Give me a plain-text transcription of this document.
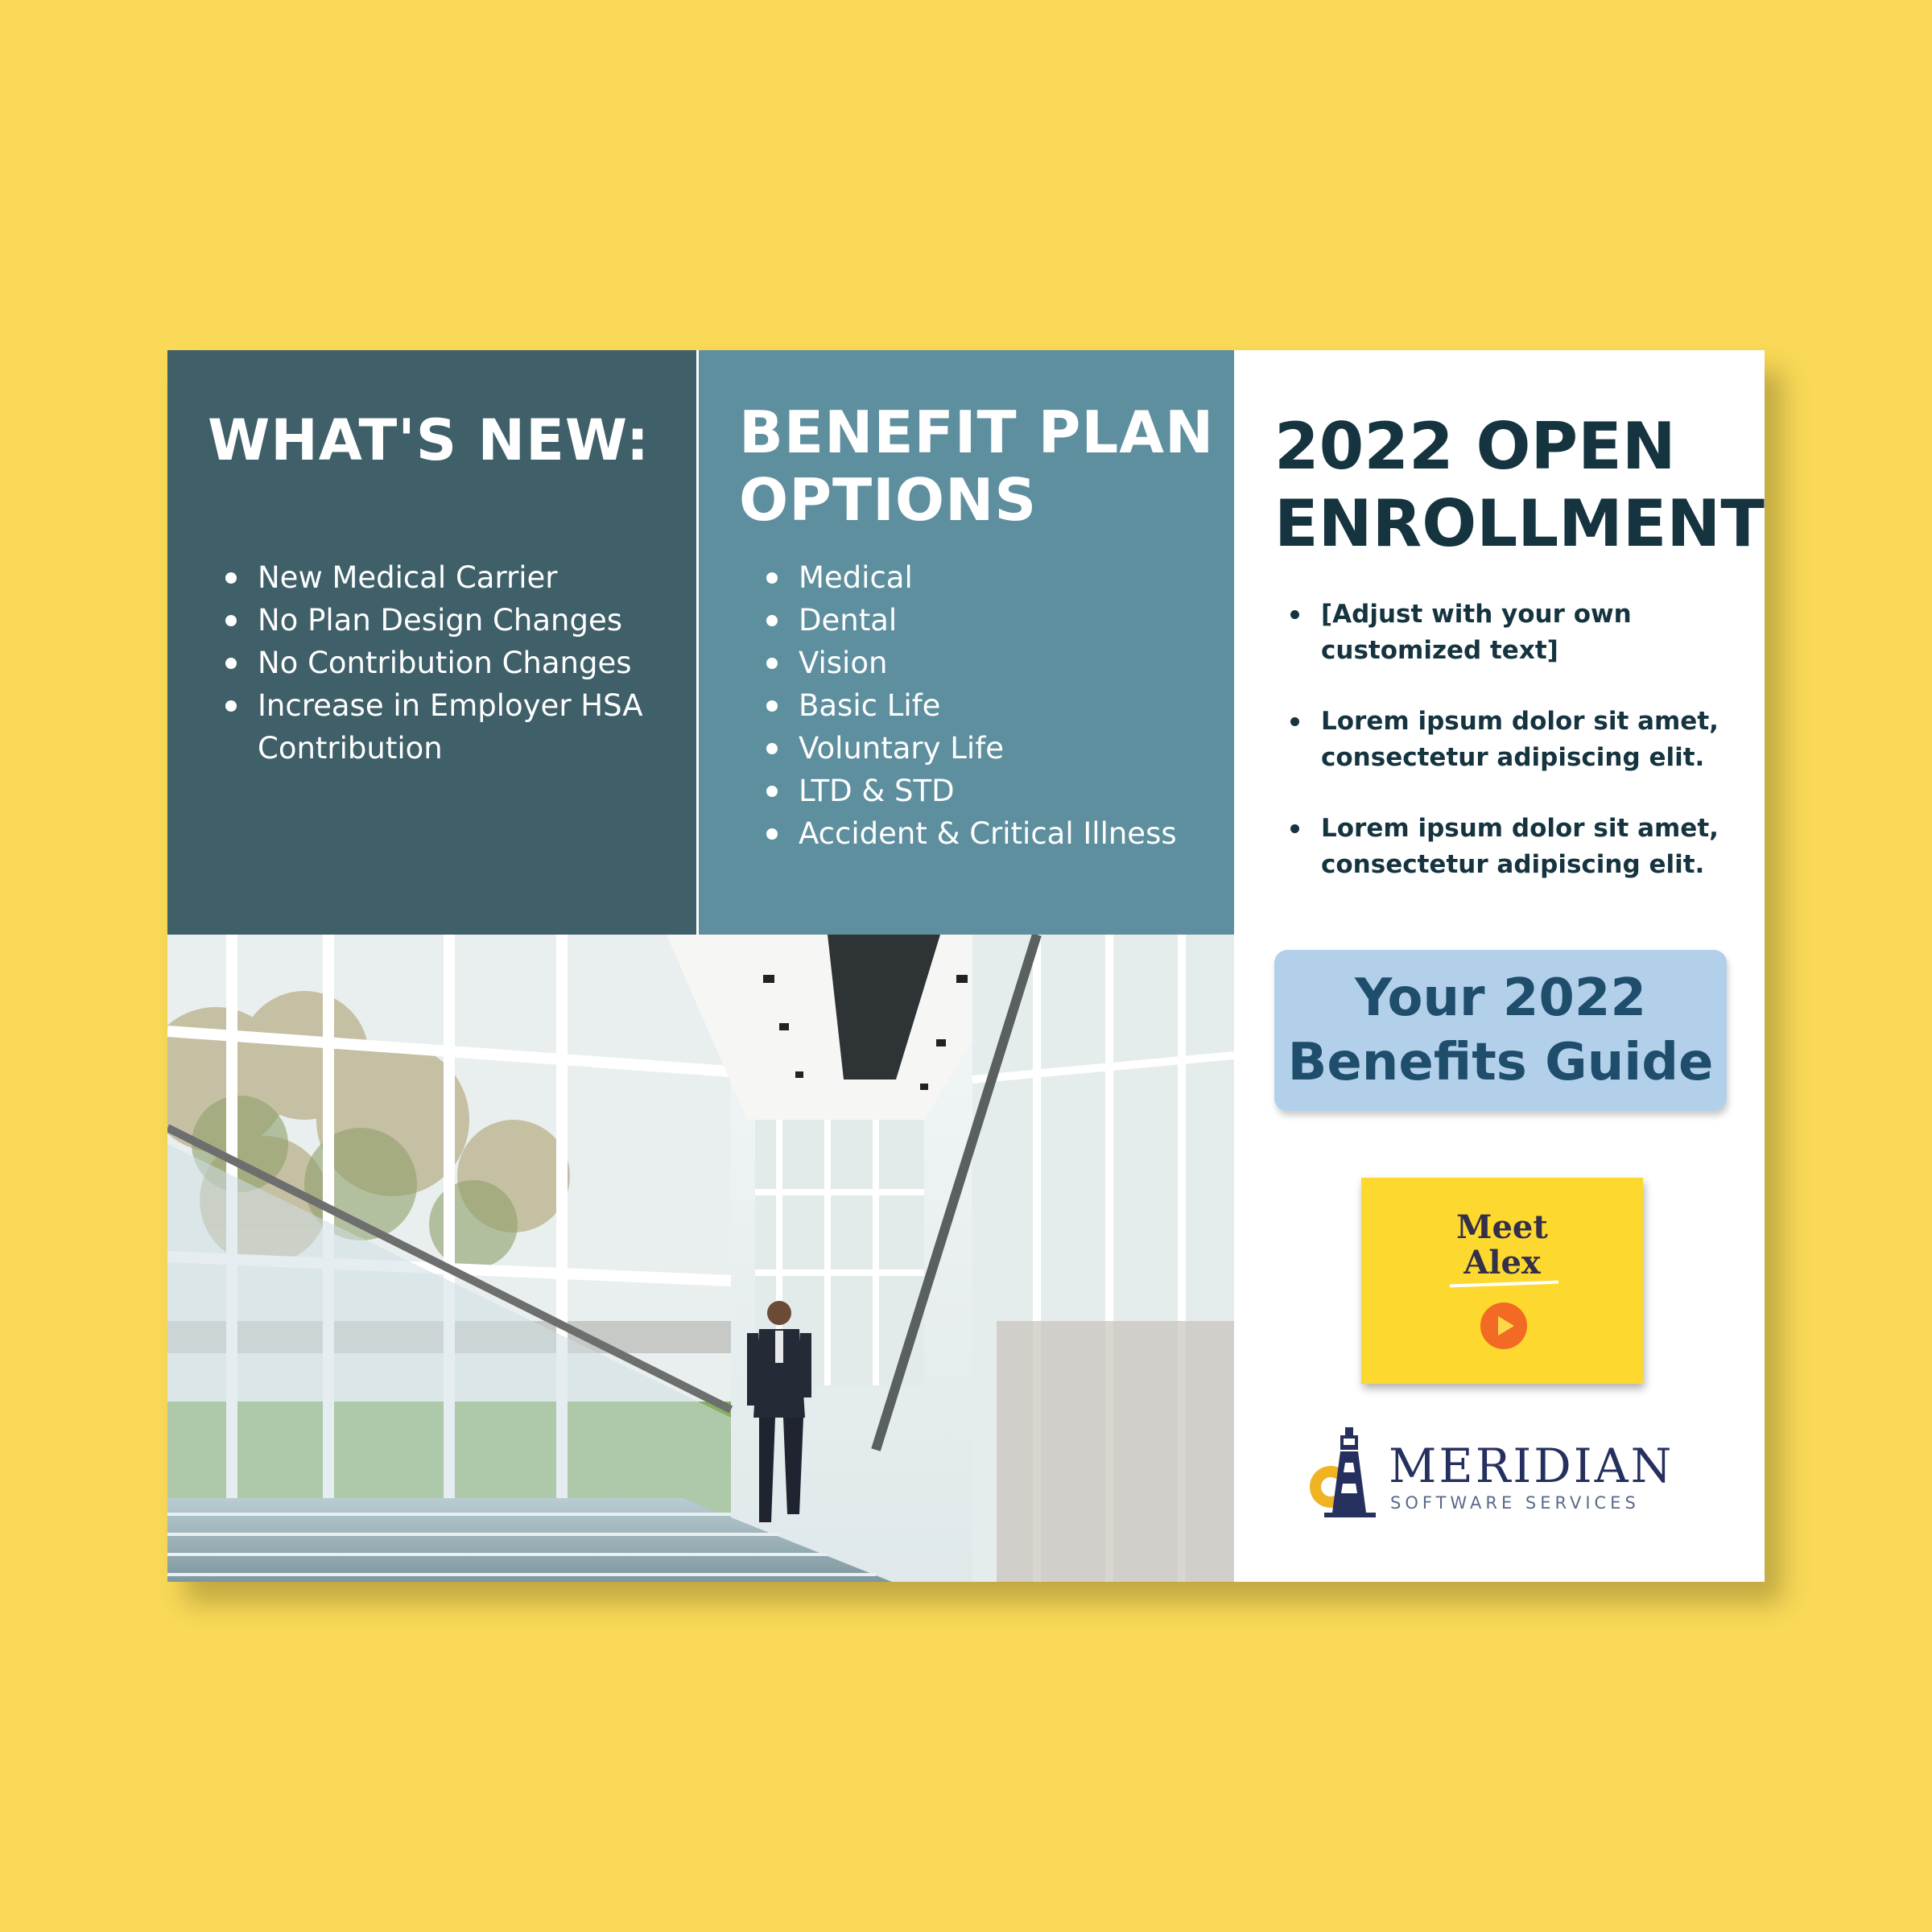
WHAT'S NEW:
New Medical Carrier
No Plan Design Changes
No Contribution Changes
Increase in Employer HSA Contribution
BENEFIT PLAN OPTIONS
Medical
Dental
Vision
Basic Life
Voluntary Life
LTD & STD
Accident & Critical Illness
2022 OPEN ENROLLMENT
[Adjust with your own customized text]
Lorem ipsum dolor sit amet, consectetur adipiscing elit.
Lorem ipsum dolor sit amet, consectetur adipiscing elit.
Your 2022 Benefits Guide
Meet
Alex
MERIDIAN
SOFTWARE SERVICES
